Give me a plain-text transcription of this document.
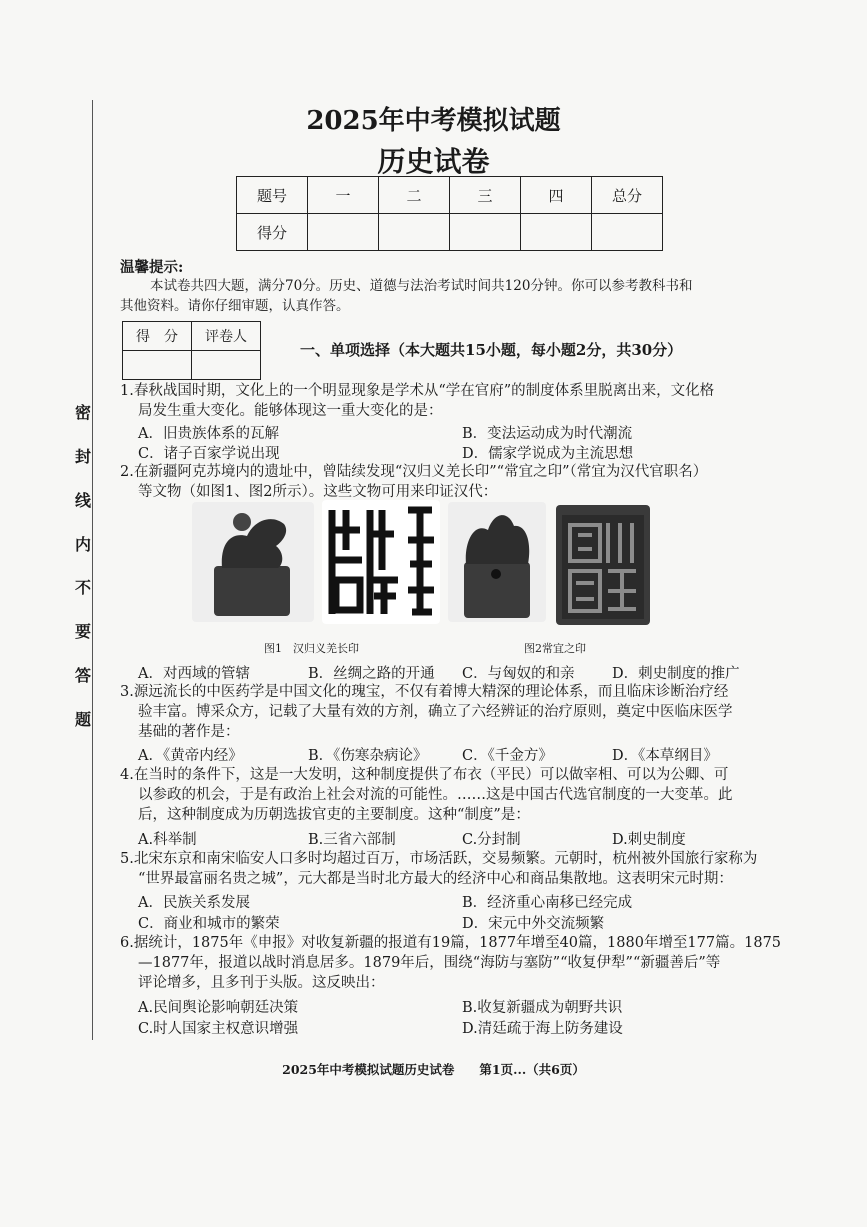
密
封
线
内
不
要
答
题
2025年中考模拟试题
历史试卷
题号	一	二	三	四	总分
得分					
温馨提示:
本试卷共四大题，满分70分。历史、道德与法治考试时间共120分钟。你可以参考教科书和
其他资料。请你仔细审题，认真作答。
得　分	评卷人

一、单项选择（本大题共15小题，每小题2分，共30分）
1.春秋战国时期，文化上的一个明显现象是学术从“学在官府”的制度体系里脱离出来，文化格
局发生重大变化。能够体现这一重大变化的是：
A．旧贵族体系的瓦解	B．变法运动成为时代潮流
C．诸子百家学说出现	D．儒家学说成为主流思想
2.在新疆阿克苏境内的遗址中，曾陆续发现“汉归义羌长印”“常宜之印”（常宜为汉代官职名）
等文物（如图1、图2所示）。这些文物可用来印证汉代：
图1　汉归义羌长印	图2常宜之印
A．对西域的管辖	B．丝绸之路的开通 C．与匈奴的和亲	D．刺史制度的推广
3.源远流长的中医药学是中国文化的瑰宝，不仅有着博大精深的理论体系，而且临床诊断治疗经
验丰富。博采众方，记载了大量有效的方剂，确立了六经辨证的治疗原则，奠定中医临床医学
基础的著作是：
A．《黄帝内经》	B．《伤寒杂病论》 C．《千金方》	D．《本草纲目》
4.在当时的条件下，这是一大发明，这种制度提供了布衣（平民）可以做宰相、可以为公卿、可
以参政的机会，于是有政治上社会对流的可能性。……这是中国古代选官制度的一大变革。此
后，这种制度成为历朝选拔官吏的主要制度。这种“制度”是：
A.科举制	B.三省六部制	C.分封制	D.刺史制度
5.北宋东京和南宋临安人口多时均超过百万，市场活跃，交易频繁。元朝时，杭州被外国旅行家称为
“世界最富丽名贵之城”，元大都是当时北方最大的经济中心和商品集散地。这表明宋元时期：
A．民族关系发展	B．经济重心南移已经完成
C．商业和城市的繁荣	D．宋元中外交流频繁
6.据统计，1875年《申报》对收复新疆的报道有19篇，1877年增至40篇，1880年增至177篇。1875
—1877年，报道以战时消息居多。1879年后，围绕“海防与塞防”“收复伊犁”“新疆善后”等
评论增多，且多刊于头版。这反映出：
A.民间舆论影响朝廷决策	B.收复新疆成为朝野共识
C.时人国家主权意识增强	D.清廷疏于海上防务建设
2025年中考模拟试题历史试卷　　第1页...（共6页）
